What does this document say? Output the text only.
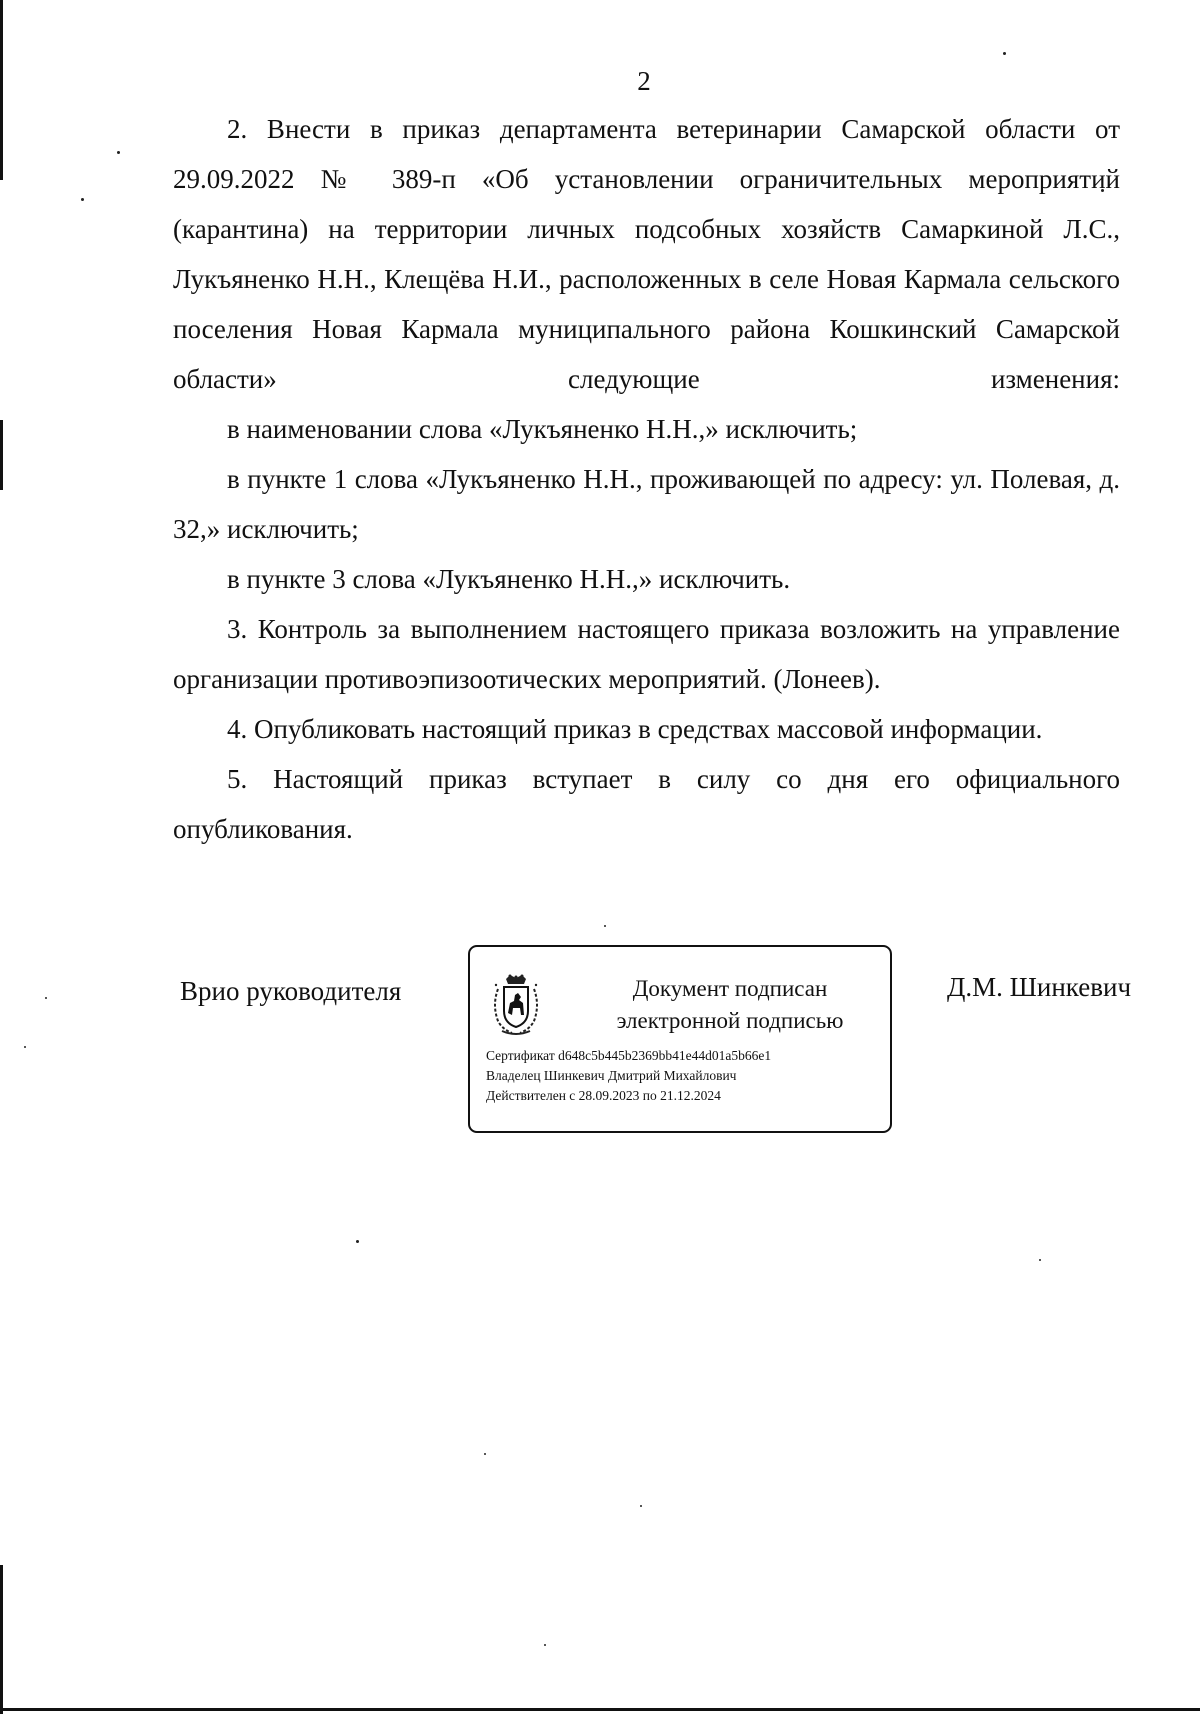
2

2. Внести в приказ департамента ветеринарии Самарской области от 29.09.2022 № 389-п «Об установлении ограничительных мероприятий (карантина) на территории личных подсобных хозяйств Самаркиной Л.С., Лукъяненко Н.Н., Клещёва Н.И., расположенных в селе Новая Кармала сельского поселения Новая Кармала муниципального района Кошкинский Самарской области» следующие изменения:

в наименовании слова «Лукъяненко Н.Н.,» исключить;

в пункте 1 слова «Лукъяненко Н.Н., проживающей по адресу: ул. Полевая, д. 32,» исключить;

в пункте 3 слова «Лукъяненко Н.Н.,» исключить.

3. Контроль за выполнением настоящего приказа возложить на управление организации противоэпизоотических мероприятий. (Лонеев).

4. Опубликовать настоящий приказ в средствах массовой информации.

5. Настоящий приказ вступает в силу со дня его официального опубликования.

Врио руководителя	Документ подписан
электронной подписью
Сертификат d648c5b445b2369bb41e44d01a5b66e1
Владелец Шинкевич Дмитрий Михайлович
Действителен с 28.09.2023 по 21.12.2024
Д.М. Шинкевич
